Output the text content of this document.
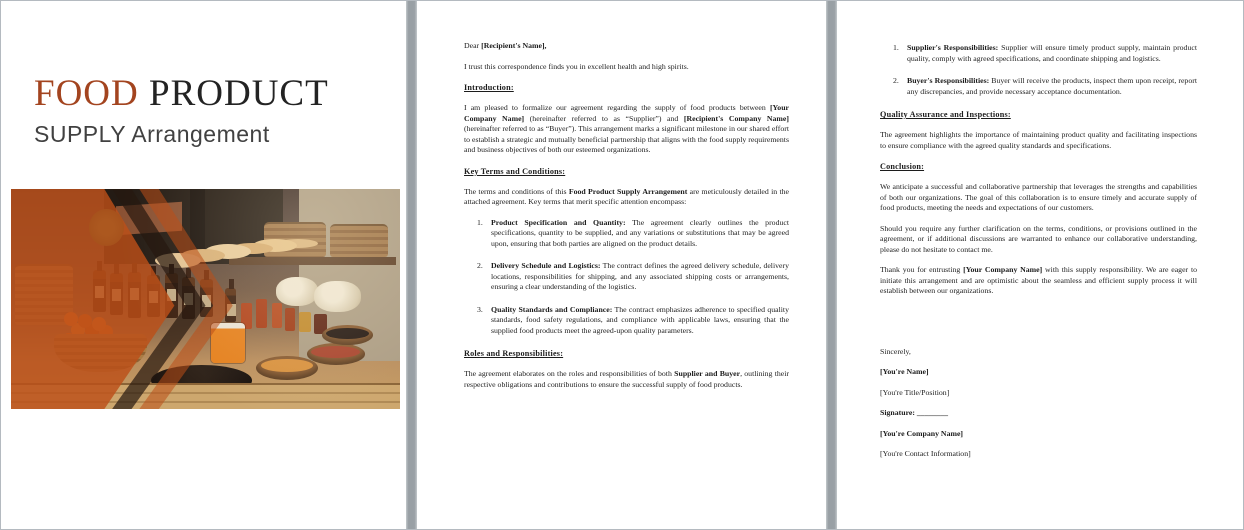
FOOD PRODUCT
SUPPLY Arrangement

Dear [Recipient's Name],

I trust this correspondence finds you in excellent health and high spirits.

Introduction:

I am pleased to formalize our agreement regarding the supply of food products between [Your Company Name] (hereinafter referred to as “Supplier”) and [Recipient's Company Name] (hereinafter referred to as “Buyer”). This arrangement marks a significant milestone in our shared effort to establish a strategic and mutually beneficial partnership that aligns with the food supply requirements and business objectives of both our esteemed organizations.

Key Terms and Conditions:

The terms and conditions of this Food Product Supply Arrangement are meticulously detailed in the attached agreement. Key terms that merit specific attention encompass:

1.	Product Specification and Quantity: The agreement clearly outlines the product specifications, quantity to be supplied, and any variations or substitutions that may be agreed upon, ensuring that both parties are aligned on the product details.
2.	Delivery Schedule and Logistics: The contract defines the agreed delivery schedule, delivery locations, responsibilities for shipping, and any associated shipping costs or arrangements, ensuring a clear understanding of the logistics.
3.	Quality Standards and Compliance: The contract emphasizes adherence to specified quality standards, food safety regulations, and compliance with applicable laws, ensuring that the supplied food products meet the agreed-upon quality parameters.

Roles and Responsibilities:

The agreement elaborates on the roles and responsibilities of both Supplier and Buyer, outlining their respective obligations and contributions to ensure the successful supply of food products.

1.	Supplier's Responsibilities: Supplier will ensure timely product supply, maintain product quality, comply with agreed specifications, and coordinate shipping and logistics.
2.	Buyer's Responsibilities: Buyer will receive the products, inspect them upon receipt, report any discrepancies, and provide necessary acceptance documentation.

Quality Assurance and Inspections:

The agreement highlights the importance of maintaining product quality and facilitating inspections to ensure compliance with the agreed quality standards and specifications.

Conclusion:

We anticipate a successful and collaborative partnership that leverages the strengths and capabilities of both our organizations. The goal of this collaboration is to ensure timely and accurate supply of food products, meeting the needs and expectations of our customers.

Should you require any further clarification on the terms, conditions, or provisions outlined in the agreement, or if additional discussions are warranted to enhance our collaborative understanding, please do not hesitate to contact me.

Thank you for entrusting [Your Company Name] with this supply responsibility. We are eager to initiate this arrangement and are optimistic about the seamless and efficient supply process it will establish between our organizations.

Sincerely,

[You're Name]

[You're Title/Position]

Signature: ________

[You're Company Name]

[You're Contact Information]
